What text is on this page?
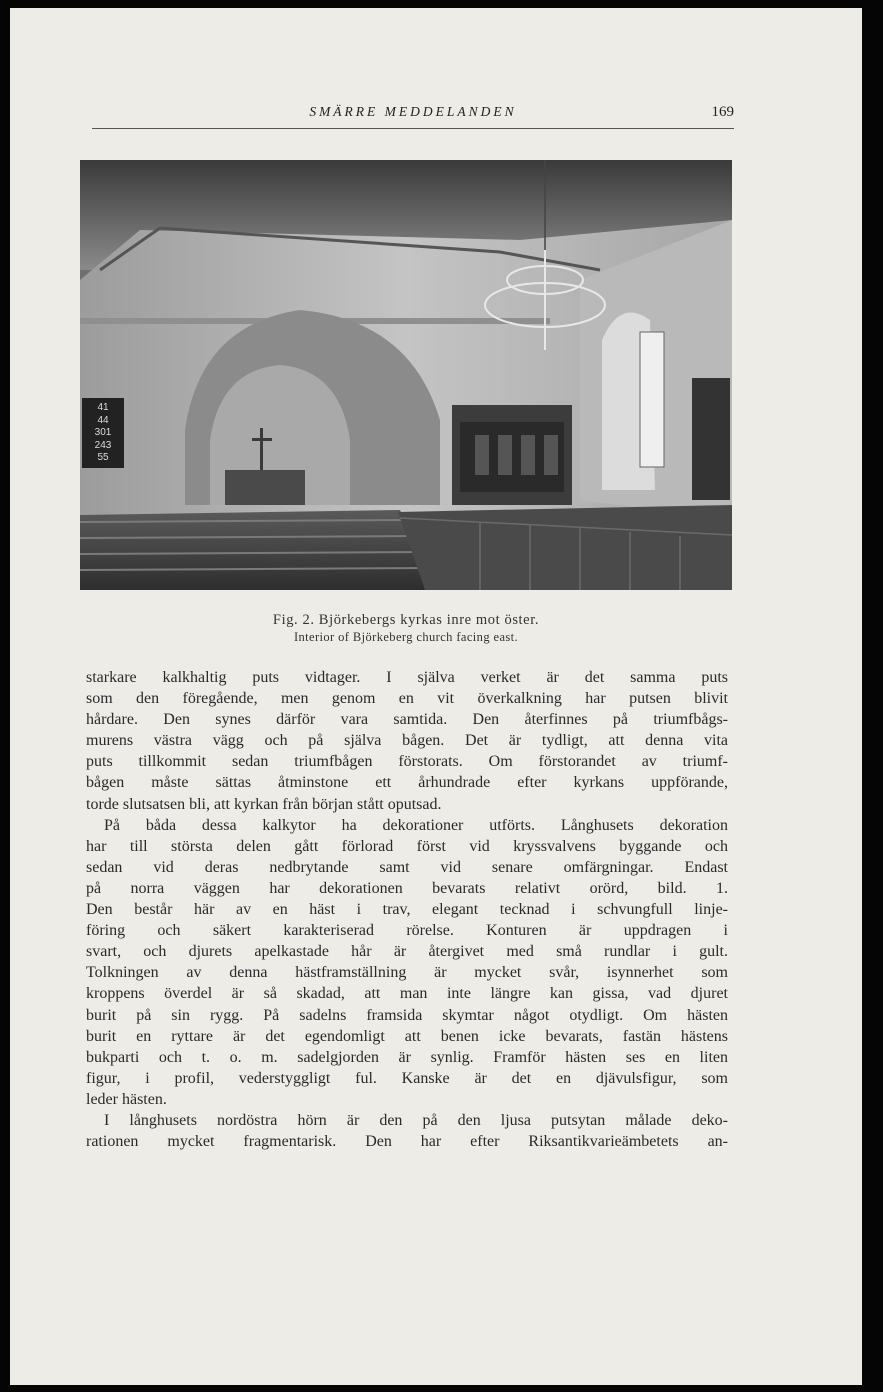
SMÄRRE MEDDELANDEN	169
41
44
301
243
55
Fig. 2. Björkebergs kyrkas inre mot öster.
Interior of Björkeberg church facing east.
starkare kalkhaltig puts vidtager. I själva verket är det samma puts
som den föregående, men genom en vit överkalkning har putsen blivit
hårdare. Den synes därför vara samtida. Den återfinnes på triumfbågs-
murens västra vägg och på själva bågen. Det är tydligt, att denna vita
puts tillkommit sedan triumfbågen förstorats. Om förstorandet av triumf-
bågen måste sättas åtminstone ett århundrade efter kyrkans uppförande,
torde slutsatsen bli, att kyrkan från början stått oputsad.
På båda dessa kalkytor ha dekorationer utförts. Långhusets dekoration
har till största delen gått förlorad först vid kryssvalvens byggande och
sedan vid deras nedbrytande samt vid senare omfärgningar. Endast
på norra väggen har dekorationen bevarats relativt orörd, bild. 1.
Den består här av en häst i trav, elegant tecknad i schvungfull linje-
föring och säkert karakteriserad rörelse. Konturen är uppdragen i
svart, och djurets apelkastade hår är återgivet med små rundlar i gult.
Tolkningen av denna hästframställning är mycket svår, isynnerhet som
kroppens överdel är så skadad, att man inte längre kan gissa, vad djuret
burit på sin rygg. På sadelns framsida skymtar något otydligt. Om hästen
burit en ryttare är det egendomligt att benen icke bevarats, fastän hästens
bukparti och t. o. m. sadelgjorden är synlig. Framför hästen ses en liten
figur, i profil, vederstyggligt ful. Kanske är det en djävulsfigur, som
leder hästen.
I långhusets nordöstra hörn är den på den ljusa putsytan målade deko-
rationen mycket fragmentarisk. Den har efter Riksantikvarieämbetets an-
